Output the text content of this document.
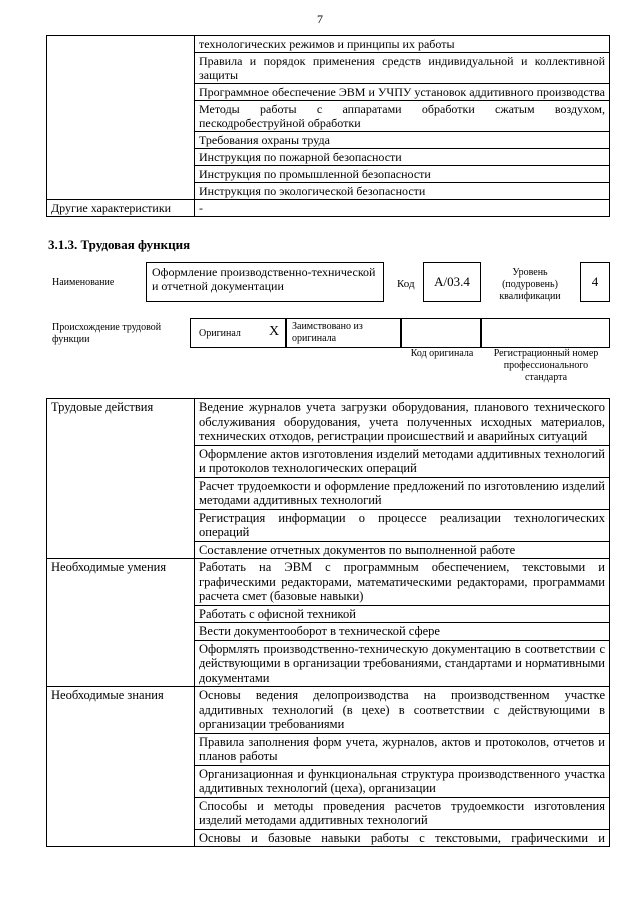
7
	технологических режимов и принципы их работы
	Правила и порядок применения средств индивидуальной и коллективной защиты
	Программное обеспечение ЭВМ и УЧПУ установок аддитивного производства
	Методы работы с аппаратами обработки сжатым воздухом, пескодробеструйной обработки
	Требования охраны труда
	Инструкция по пожарной безопасности
	Инструкция по промышленной безопасности
	Инструкция по экологической безопасности
Другие характеристики	-
3.1.3. Трудовая функция
Наименование
Оформление производственно-технической и отчетной документации	Код	А/03.4
Уровень (подуровень) квалификации
4
Происхождение трудовой функции
Оригинал Х	Заимствовано из оригинала
Код оригинала	Регистрационный номер профессионального стандарта
Трудовые действия	Ведение журналов учета загрузки оборудования, планового технического обслуживания оборудования, учета полученных исходных материалов, технических отходов, регистрации происшествий и аварийных ситуаций
	Оформление актов изготовления изделий методами аддитивных технологий и протоколов технологических операций
	Расчет трудоемкости и оформление предложений по изготовлению изделий методами аддитивных технологий
	Регистрация информации о процессе реализации технологических операций
	Составление отчетных документов по выполненной работе
Необходимые умения	Работать на ЭВМ с программным обеспечением, текстовыми и графическими редакторами, математическими редакторами, программами расчета смет (базовые навыки)
	Работать с офисной техникой
	Вести документооборот в технической сфере
	Оформлять производственно-техническую документацию в соответствии с действующими в организации требованиями, стандартами и нормативными документами
Необходимые знания	Основы ведения делопроизводства на производственном участке аддитивных технологий (в цехе) в соответствии с действующими в организации требованиями
	Правила заполнения форм учета, журналов, актов и протоколов, отчетов и планов работы
	Организационная и функциональная структура производственного участка аддитивных технологий (цеха), организации
	Способы и методы проведения расчетов трудоемкости изготовления изделий методами аддитивных технологий
	Основы и базовые навыки работы с текстовыми, графическими и
